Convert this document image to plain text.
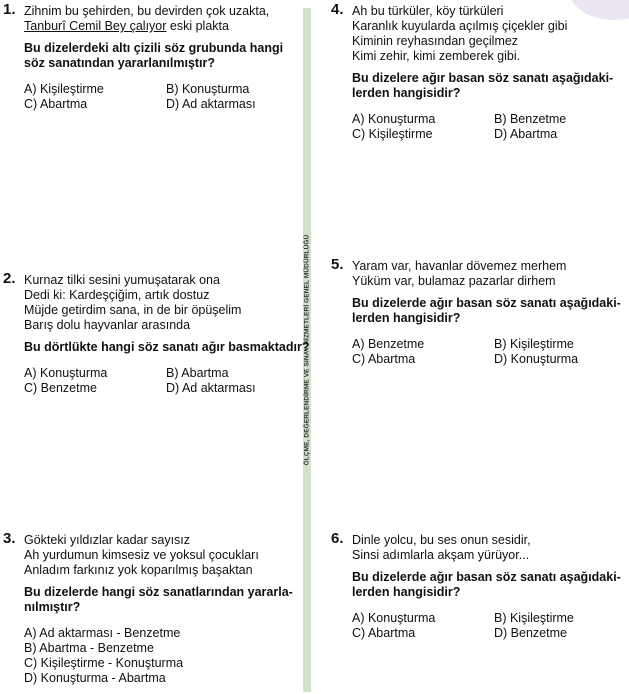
ÖLÇME, DEĞERLENDİRME VE SINAV HİZMETLERİ GENEL MÜDÜRLÜĞÜ
1. Zihnim bu şehirden, bu devirden çok uzakta,
Tanburî Cemil Bey çalıyor eski plakta
Bu dizelerdeki altı çizili söz grubunda hangi
söz sanatından yararlanılmıştır?
A) Kişileştirme	B) Konuşturma
C) Abartma	D) Ad aktarması
2. Kurnaz tilki sesini yumuşatarak ona
Dedi ki: Kardeşçiğim, artık dostuz
Müjde getirdim sana, in de bir öpüşelim
Barış dolu hayvanlar arasında
Bu dörtlükte hangi söz sanatı ağır basmaktadır?
A) Konuşturma	B) Abartma
C) Benzetme	D) Ad aktarması
3. Gökteki yıldızlar kadar sayısız
Ah yurdumun kimsesiz ve yoksul çocukları
Anladım farkınız yok koparılmış başaktan
Bu dizelerde hangi söz sanatlarından yararla-
nılmıştır?
A) Ad aktarması - Benzetme
B) Abartma - Benzetme
C) Kişileştirme - Konuşturma
D) Konuşturma - Abartma
4. Ah bu türküler, köy türküleri
Karanlık kuyularda açılmış çiçekler gibi
Kiminin reyhasından geçilmez
Kimi zehir, kimi zemberek gibi.
Bu dizelere ağır basan söz sanatı aşağıdaki-
lerden hangisidir?
A) Konuşturma	B) Benzetme
C) Kişileştirme	D) Abartma
5. Yaram var, havanlar dövemez merhem
Yüküm var, bulamaz pazarlar dirhem
Bu dizelerde ağır basan söz sanatı aşağıdaki-
lerden hangisidir?
A) Benzetme	B) Kişileştirme
C) Abartma	D) Konuşturma
6. Dinle yolcu, bu ses onun sesidir,
Sinsi adımlarla akşam yürüyor...
Bu dizelerde ağır basan söz sanatı aşağıdaki-
lerden hangisidir?
A) Konuşturma	B) Kişileştirme
C) Abartma	D) Benzetme
